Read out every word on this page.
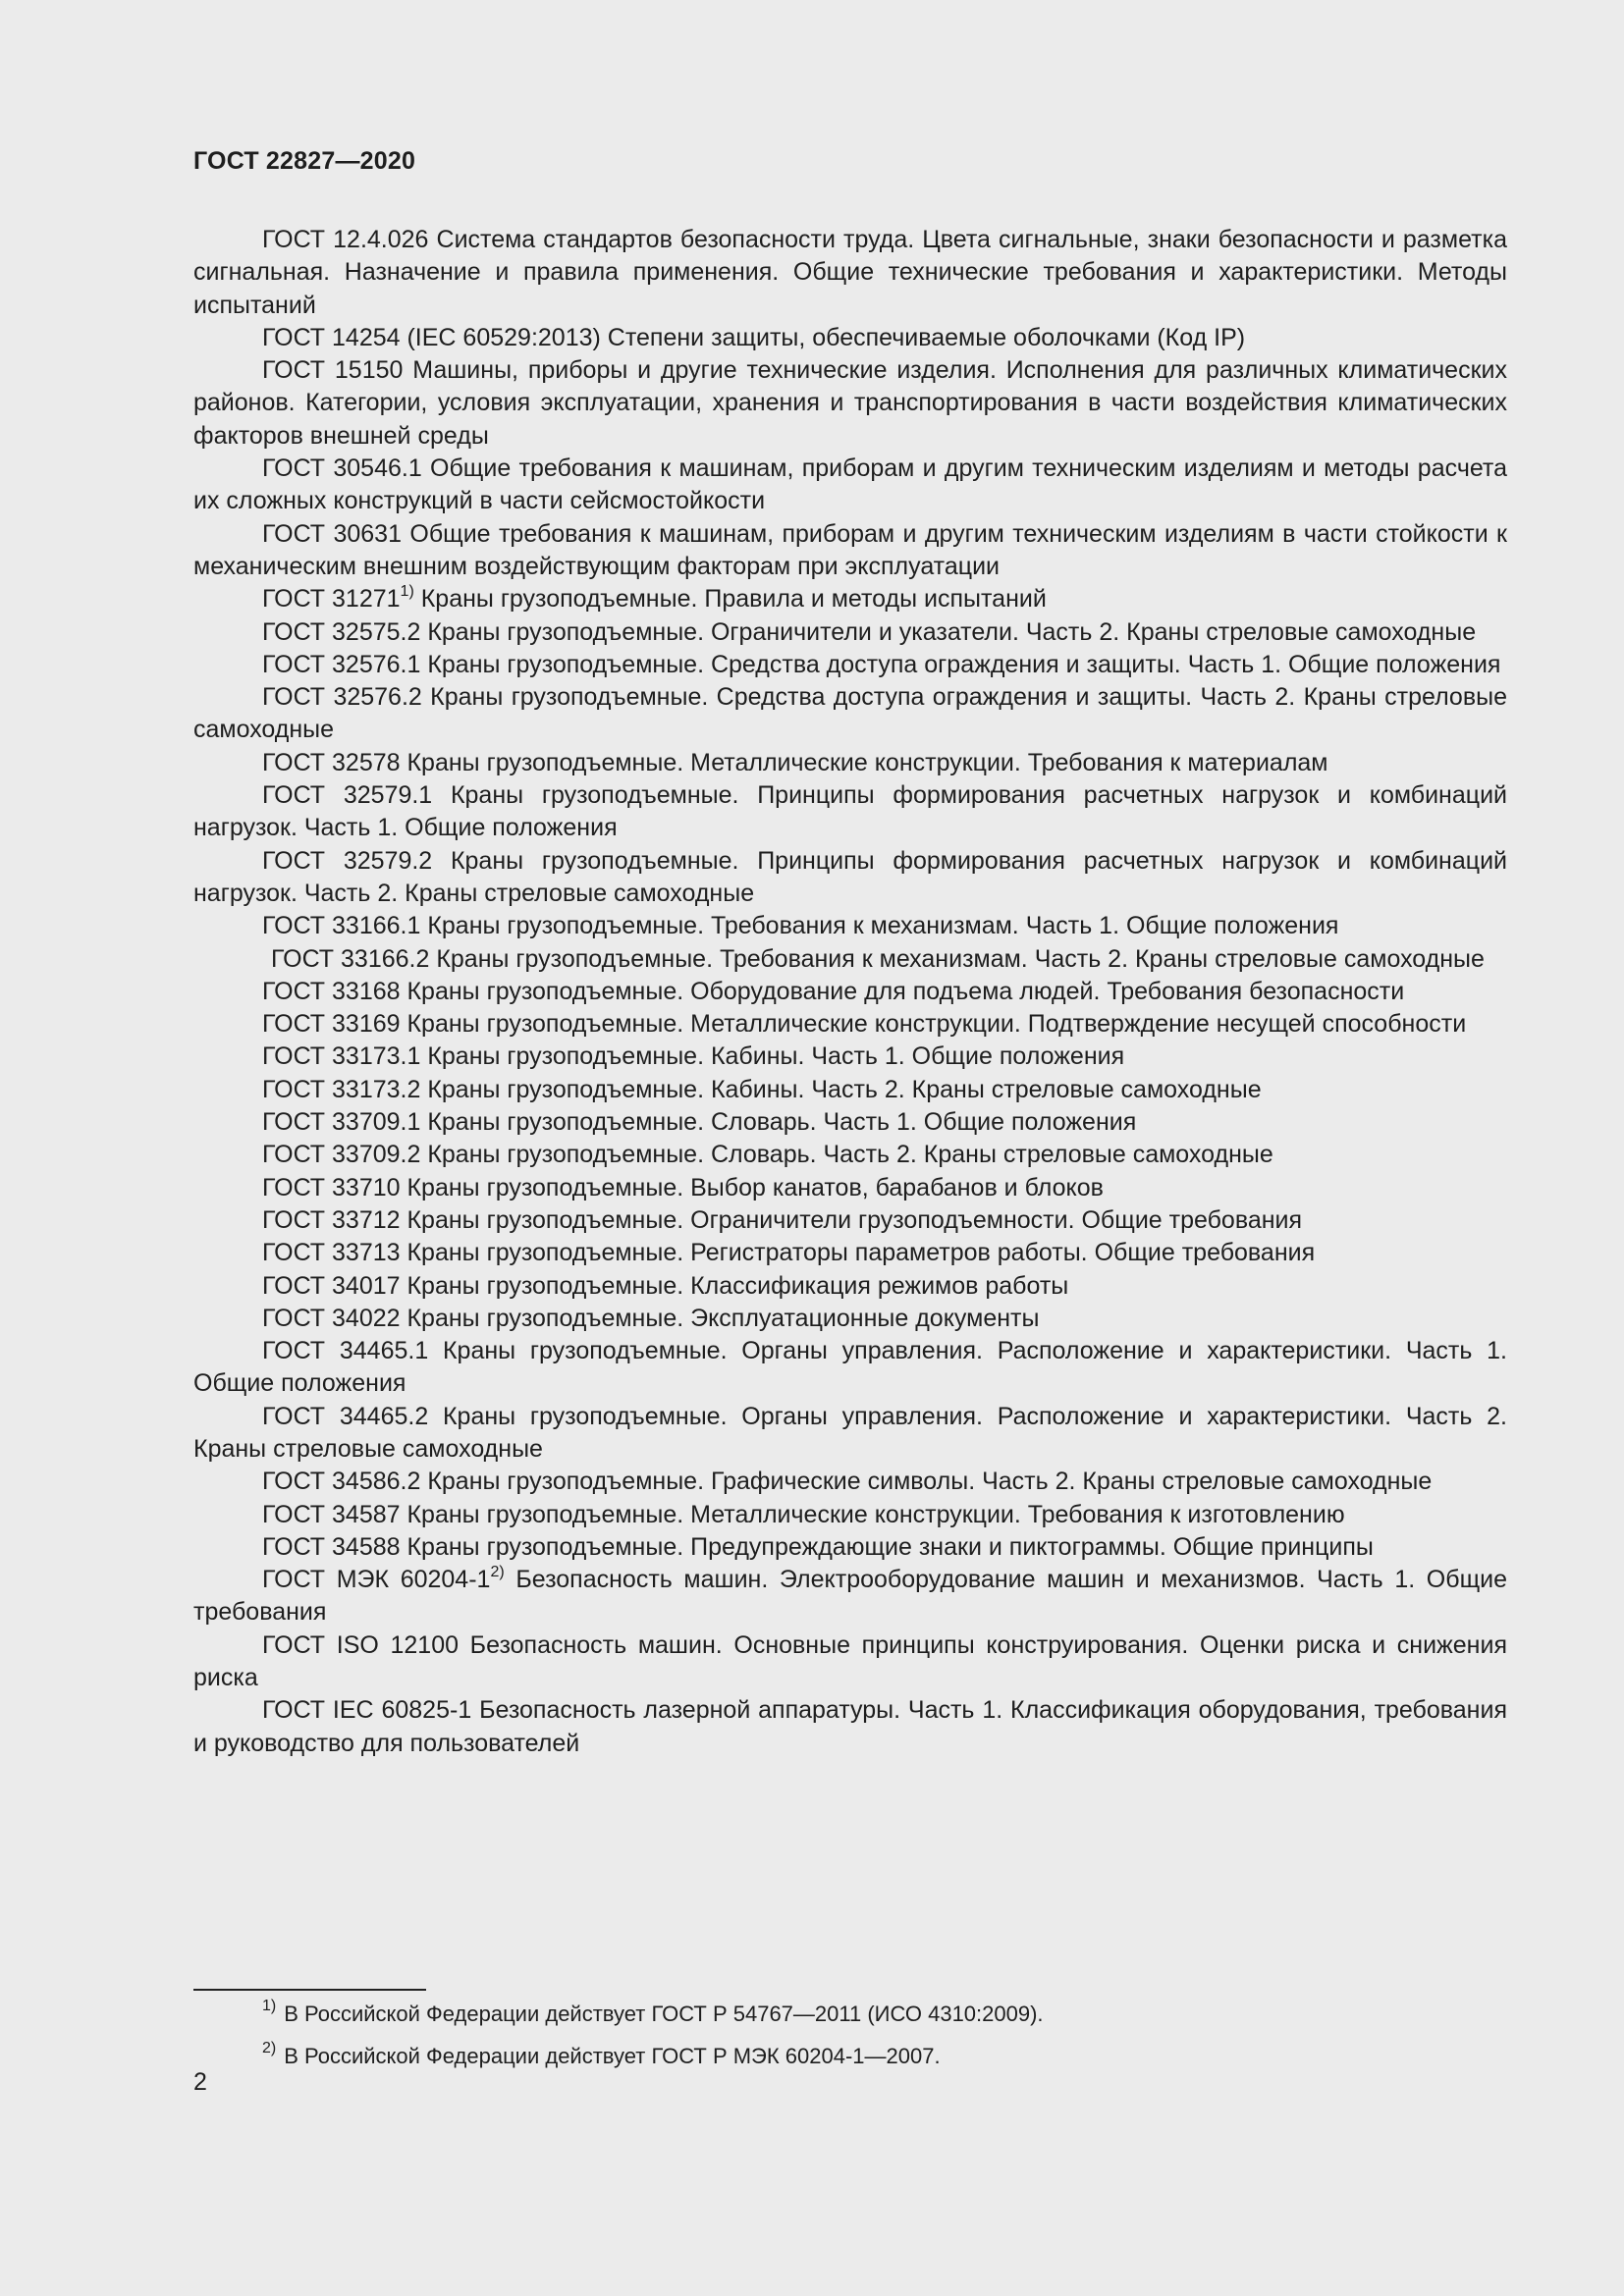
ГОСТ 22827—2020

ГОСТ 12.4.026 Система стандартов безопасности труда. Цвета сигнальные, знаки безопасности и разметка сигнальная. Назначение и правила применения. Общие технические требования и характеристики. Методы испытаний

ГОСТ 14254 (IEC 60529:2013) Степени защиты, обеспечиваемые оболочками (Код IP)

ГОСТ 15150 Машины, приборы и другие технические изделия. Исполнения для различных климатических районов. Категории, условия эксплуатации, хранения и транспортирования в части воздействия климатических факторов внешней среды

ГОСТ 30546.1 Общие требования к машинам, приборам и другим техническим изделиям и методы расчета их сложных конструкций в части сейсмостойкости

ГОСТ 30631 Общие требования к машинам, приборам и другим техническим изделиям в части стойкости к механическим внешним воздействующим факторам при эксплуатации

ГОСТ 31271$^{1)}$ Краны грузоподъемные. Правила и методы испытаний

ГОСТ 32575.2 Краны грузоподъемные. Ограничители и указатели. Часть 2. Краны стреловые самоходные

ГОСТ 32576.1 Краны грузоподъемные. Средства доступа ограждения и защиты. Часть 1. Общие положения

ГОСТ 32576.2 Краны грузоподъемные. Средства доступа ограждения и защиты. Часть 2. Краны стреловые самоходные

ГОСТ 32578 Краны грузоподъемные. Металлические конструкции. Требования к материалам

ГОСТ 32579.1 Краны грузоподъемные. Принципы формирования расчетных нагрузок и комбинаций нагрузок. Часть 1. Общие положения

ГОСТ 32579.2 Краны грузоподъемные. Принципы формирования расчетных нагрузок и комбинаций нагрузок. Часть 2. Краны стреловые самоходные

ГОСТ 33166.1 Краны грузоподъемные. Требования к механизмам. Часть 1. Общие положения

ГОСТ 33166.2 Краны грузоподъемные. Требования к механизмам. Часть 2. Краны стреловые самоходные

ГОСТ 33168 Краны грузоподъемные. Оборудование для подъема людей. Требования безопасности

ГОСТ 33169 Краны грузоподъемные. Металлические конструкции. Подтверждение несущей способности

ГОСТ 33173.1 Краны грузоподъемные. Кабины. Часть 1. Общие положения

ГОСТ 33173.2 Краны грузоподъемные. Кабины. Часть 2. Краны стреловые самоходные

ГОСТ 33709.1 Краны грузоподъемные. Словарь. Часть 1. Общие положения

ГОСТ 33709.2 Краны грузоподъемные. Словарь. Часть 2. Краны стреловые самоходные

ГОСТ 33710 Краны грузоподъемные. Выбор канатов, барабанов и блоков

ГОСТ 33712 Краны грузоподъемные. Ограничители грузоподъемности. Общие требования

ГОСТ 33713 Краны грузоподъемные. Регистраторы параметров работы. Общие требования

ГОСТ 34017 Краны грузоподъемные. Классификация режимов работы

ГОСТ 34022 Краны грузоподъемные. Эксплуатационные документы

ГОСТ 34465.1 Краны грузоподъемные. Органы управления. Расположение и характеристики. Часть 1. Общие положения

ГОСТ 34465.2 Краны грузоподъемные. Органы управления. Расположение и характеристики. Часть 2. Краны стреловые самоходные

ГОСТ 34586.2 Краны грузоподъемные. Графические символы. Часть 2. Краны стреловые самоходные

ГОСТ 34587 Краны грузоподъемные. Металлические конструкции. Требования к изготовлению

ГОСТ 34588 Краны грузоподъемные. Предупреждающие знаки и пиктограммы. Общие принципы

ГОСТ МЭК 60204-1$^{2)}$ Безопасность машин. Электрооборудование машин и механизмов. Часть 1. Общие требования

ГОСТ ISO 12100 Безопасность машин. Основные принципы конструирования. Оценки риска и снижения риска

ГОСТ IEC 60825-1 Безопасность лазерной аппаратуры. Часть 1. Классификация оборудования, требования и руководство для пользователей

$^{1)}$ В Российской Федерации действует ГОСТ Р 54767—2011 (ИСО 4310:2009).

$^{2)}$ В Российской Федерации действует ГОСТ Р МЭК 60204-1—2007.

2
